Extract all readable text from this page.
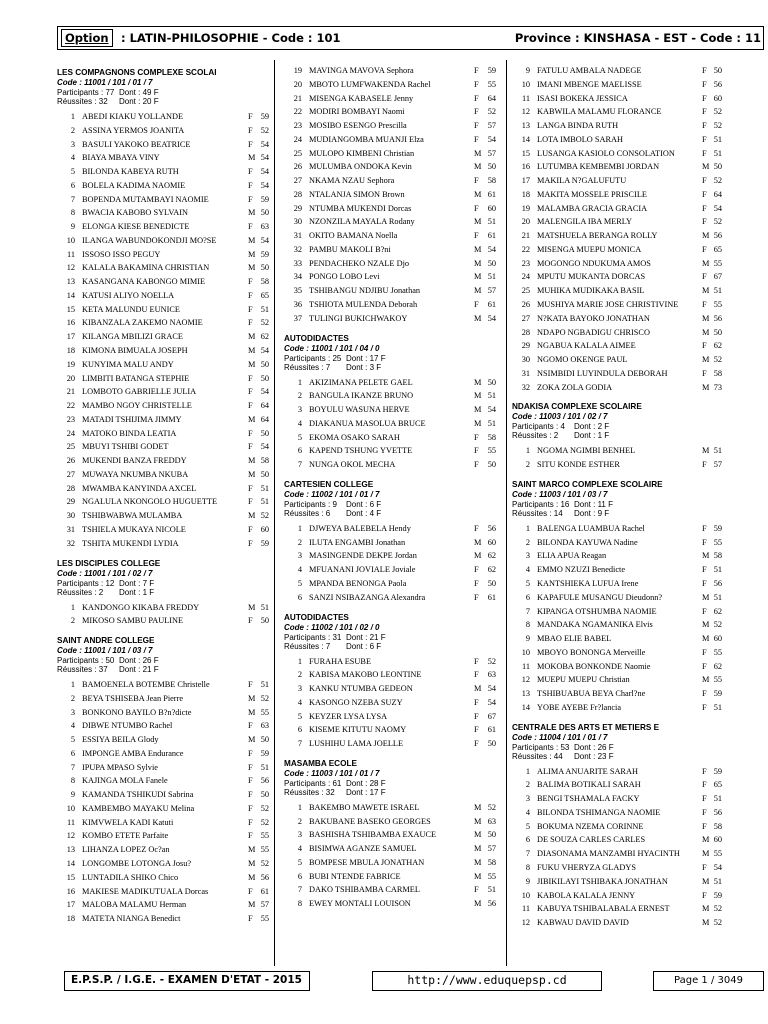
Option	: LATIN-PHILOSOPHIE - Code : 101	Province : KINSHASA - EST - Code : 11
LES COMPAGNONS COMPLEXE SCOLAI
Code : 11001 / 101 / 01 / 7
Participants : 77 Dont : 49 F
Réussites : 32	Dont : 20 F
1 ABEDI KIAKU YOLLANDE	F 59
2 ASSINA YERMOS JOANITA	F 52
3 BASULI YAKOKO BEATRICE	F 54
4 BIAYA MBAYA VINY	M 54
5 BILONDA KABEYA RUTH	F 54
6 BOLELA KADIMA NAOMIE	F 54
7 BOPENDA MUTAMBAYI NAOMIE	F 59
8 BWACIA KABOBO SYLVAIN	M 50
9 ELONGA KIESE BENEDICTE	F 63
10 ILANGA WABUNDOKONDJI MO?SE	M 54
11 ISSOSO ISSO PEGUY	M 59
12 KALALA BAKAMINA CHRISTIAN	M 50
13 KASANGANA KABONGO MIMIE	F 58
14 KATUSI ALIYO NOELLA	F 65
15 KETA MALUNDU EUNICE	F 51
16 KIBANZALA ZAKEMO NAOMIE	F 52
17 KILANGA MBILIZI GRACE	M 62
18 KIMONA BIMUALA JOSEPH	M 54
19 KUNYIMA MALU ANDY	M 50
20 LIMBITI BATANGA STEPHIE	F 50
21 LOMBOTO GABRIELLE JULIA	F 54
22 MAMBO NGOY CHRISTELLE	F 64
23 MATADI TSHIJIMA JIMMY	M 64
24 MATOKO BINDA LEATIA	F 50
25 MBUYI TSHIBI GODET	F 54
26 MUKENDI BANZA FREDDY	M 58
27 MUWAYA NKUMBA NKUBA	M 50
28 MWAMBA KANYINDA AXCEL	F 51
29 NGALULA NKONGOLO HUGUETTE	F 51
30 TSHIBWABWA MULAMBA	M 52
31 TSHIELA MUKAYA NICOLE	F 60
32 TSHITA MUKENDI LYDIA	F 59
LES DISCIPLES COLLEGE
Code : 11001 / 101 / 02 / 7
Participants : 12 Dont : 7 F
Réussites : 2	Dont : 1 F
1 KANDONGO KIKABA FREDDY	M 51
2 MIKOSO SAMBU PAULINE	F 50
SAINT ANDRE COLLEGE
Code : 11001 / 101 / 03 / 7
Participants : 50 Dont : 26 F
Réussites : 37	Dont : 21 F
1 BAMOENELA BOTEMBE Christelle	F 51
2 BEYA TSHISEBA Jean Pierre	M 52
3 BONKONO BAYILO B?n?dicte	M 55
4 DIBWE NTUMBO Rachel	F 63
5 ESSIYA BEILA Glody	M 50
6 IMPONGE AMBA Endurance	F 59
7 IPUPA MPASO Sylvie	F 51
8 KAJINGA MOLA Fanele	F 56
9 KAMANDA TSHIKUDI Sabrina	F 50
10 KAMBEMBO MAYAKU Melina	F 52
11 KIMVWELA KADI Katuti	F 52
12 KOMBO ETETE Parfaite	F 55
13 LIHANZA LOPEZ Oc?an	M 55
14 LONGOMBE LOTONGA Josu?	M 52
15 LUNTADILA SHIKO Chico	M 56
16 MAKIESE MADIKUTUALA Dorcas	F 61
17 MALOBA MALAMU Herman	M 57
18 MATETA NIANGA Benedict	F 55
19 MAVINGA MAVOVA Sephora	F	59
20 MBOTO LUMFWAKENDA Rachel	F	55
21 MISENGA KABASELE Jenny	F	64
22 MODIRI BOMBAYI Naomi	F	52
23 MOSIBO ESENGO Prescilla	F	57
24 MUDIANGOMBA MUANJI Elza	F	54
25 MULOPO KIMBENI Christian	M 57
26 MULUMBA ONDOKA Kevin	M 50
27 NKAMA NZAU Sephora	F	58
28 NTALANJA SIMON Brown	M 61
29 NTUMBA MUKENDI Dorcas	F	60
30 NZONZILA MAYALA Rodany	M 51
31 OKITO BAMANA Noella	F	61
32 PAMBU MAKOLI B?ni	M 54
33 PENDACHEKO NZALE Djo	M 50
34 PONGO LOBO Levi	M 51
35 TSHIBANGU NDJIBU Jonathan	M 57
36 TSHIOTA MULENDA Deborah	F	61
37 TULINGI BUKICHWAKOY	M 54
AUTODIDACTES
Code : 11001 / 101 / 04 / 0
Participants : 25 Dont : 17 F
Réussites : 7	Dont : 3 F
1 AKIZIMANA PELETE GAEL	M 50
2 BANGULA IKANZE BRUNO	M 51
3 BOYULU WASUNA HERVE	M 54
4 DIAKANUA MASOLUA BRUCE	M 51
5 EKOMA OSAKO SARAH	F	58
6 KAPEND TSHUNG YVETTE	F	55
7 NUNGA OKOL MECHA	F	50
CARTESIEN COLLEGE
Code : 11002 / 101 / 01 / 7
Participants : 9	Dont : 6 F
Réussites : 6	Dont : 4 F
1 DJWEYA BALEBELA Hendy	F	56
2 ILUTA ENGAMBI Jonathan	M 60
3 MASINGENDE DEKPE Jordan	M 62
4 MFUANANI JOVIALE Joviale	F	62
5 MPANDA BENONGA Paola	F	50
6 SANZI NSIBAZANGA Alexandra	F	61
AUTODIDACTES
Code : 11002 / 101 / 02 / 0
Participants : 31 Dont : 21 F
Réussites : 7	Dont : 6 F
1 FURAHA ESUBE	F	52
2 KABISA MAKOBO LEONTINE	F	63
3 KANKU NTUMBA GEDEON	M 54
4 KASONGO NZEBA SUZY	F	54
5 KEYZER LYSA LYSA	F	67
6 KISEME KITUTU NAOMY	F	61
7 LUSHIHU LAMA JOELLE	F	50
MASAMBA ECOLE
Code : 11003 / 101 / 01 / 7
Participants : 61 Dont : 28 F
Réussites : 32	Dont : 17 F
1 BAKEMBO MAWETE ISRAEL	M 52
2 BAKUBANE BASEKO GEORGES	M 63
3 BASHISHA TSHIBAMBA EXAUCE	M 50
4 BISIMWA AGANZE SAMUEL	M 57
5 BOMPESE MBULA JONATHAN	M 58
6 BUBI NTENDE FABRICE	M 55
7 DAKO TSHIBAMBA CARMEL	F	51
8 EWEY MONTALI LOUISON	M 56
9 FATULU AMBALA NADEGE	F 50
10 IMANI MBENGE MAELISSE	F 56
11 ISASI BOKEKA JESSICA	F 60
12 KABWILA MALAMU FLORANCE	F 52
13 LANGA BINDA RUTH	F 52
14 LOTA IMBOLO SARAH	F 51
15 LUSANGA KASIOLO CONSOLATION	F 51
16 LUTUMBA KEMBEMBI JORDAN	M 50
17 MAKILA N?GALUFUTU	F 52
18 MAKITA MOSSELE PRISCILE	F 64
19 MALAMBA GRACIA GRACIA	F 54
20 MALENGILA IBA MERLY	F 52
21 MATSHUELA BERANGA ROLLY	M 56
22 MISENGA MUEPU MONICA	F 65
23 MOGONGO NDUKUMA AMOS	M 55
24 MPUTU MUKANTA DORCAS	F 67
25 MUHIKA MUDIKAKA BASIL	M 51
26 MUSHIYA MARIE JOSE CHRISTIVINE	F 55
27 N?KATA BAYOKO JONATHAN	M 56
28 NDAPO NGBADIGU CHRISCO	M 50
29 NGABUA KALALA AIMEE	F 62
30 NGOMO OKENGE PAUL	M 52
31 NSIMBIDI LUYINDULA DEBORAH	F 58
32 ZOKA ZOLA GODIA	M 73
NDAKISA COMPLEXE SCOLAIRE
Code : 11003 / 101 / 02 / 7
Participants : 4	Dont : 2 F
Réussites : 2	Dont : 1 F
1 NGOMA NGIMBI BENHEL	M 51
2 SITU KONDE ESTHER	F 57
SAINT MARCO COMPLEXE SCOLAIRE
Code : 11003 / 101 / 03 / 7
Participants : 16 Dont : 11 F
Réussites : 14	Dont : 9 F
1 BALENGA LUAMBUA Rachel	F 59
2 BILONDA KAYUWA Nadine	F 55
3 ELIA APUA Reagan	M 58
4 EMMO NZUZI Benedicte	F 51
5 KANTSHIEKA LUFUA Irene	F 56
6 KAPAFULE MUSANGU Dieudonn?	M 51
7 KIPANGA OTSHUMBA NAOMIE	F 62
8 MANDAKA NGAMANIKA Elvis	M 52
9 MBAO ELIE BABEL	M 60
10 MBOYO BONONGA Merveille	F 55
11 MOKOBA BONKONDE Naomie	F 62
12 MUEPU MUEPU Christian	M 55
13 TSHIBUABUA BEYA Charl?ne	F 59
14 YOBE AYEBE Fr?lancia	F 51
CENTRALE DES ARTS ET METIERS E
Code : 11004 / 101 / 01 / 7
Participants : 53 Dont : 26 F
Réussites : 44	Dont : 23 F
1 ALIMA ANUARITE SARAH	F 59
2 BALIMA BOTIKALI SARAH	F 65
3 BENGI TSHAMALA FACKY	F 51
4 BILONDA TSHIMANGA NAOMIE	F 56
5 BOKUMA NZEMA CORINNE	F 58
6 DE SOUZA CARLES CARLES	M 60
7 DIASONAMA MANZAMBI HYACINTH	M 55
8 FUKU VHERYZA GLADYS	F 54
9 JIBIKILAYI TSHIBAKA JONATHAN	M 51
10 KABOLA KALALA JENNY	F 59
11 KABUYA TSHIBALABALA ERNEST	M 52
12 KABWAU DAVID DAVID	M 52
E.P.S.P. / I.G.E. - EXAMEN D'ETAT - 2015	http://www.eduquepsp.cd	Page 1 / 3049
